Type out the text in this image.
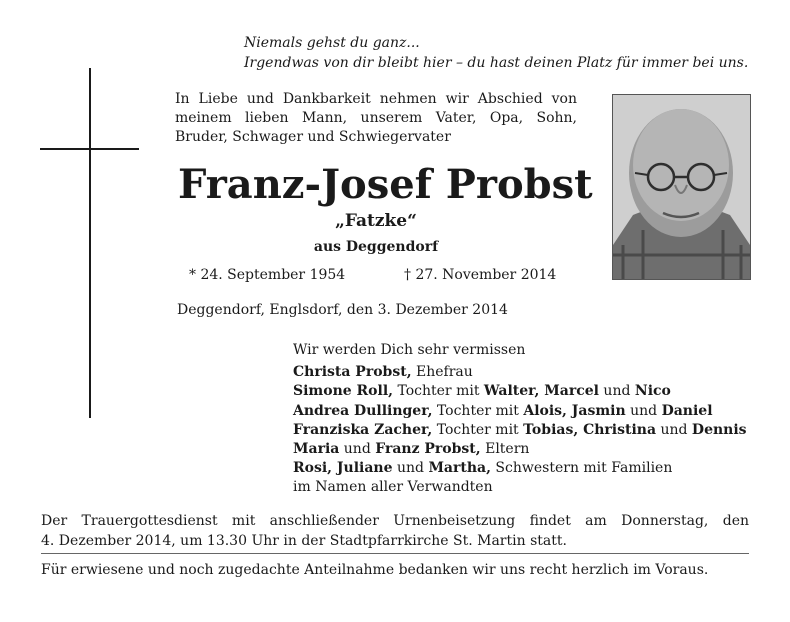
Niemals gehst du ganz...
Irgendwas von dir bleibt hier – du hast deinen Platz für immer bei uns.
In Liebe und Dankbarkeit nehmen wir Abschied von
meinem lieben Mann, unserem Vater, Opa, Sohn,
Bruder, Schwager und Schwiegervater
Franz-Josef Probst
„Fatzke“
aus Deggendorf
* 24. September 1954	† 27. November 2014
Deggendorf, Englsdorf, den 3. Dezember 2014
Wir werden Dich sehr vermissen
Christa Probst, Ehefrau
Simone Roll, Tochter mit Walter, Marcel und Nico
Andrea Dullinger, Tochter mit Alois, Jasmin und Daniel
Franziska Zacher, Tochter mit Tobias, Christina und Dennis
Maria und Franz Probst, Eltern
Rosi, Juliane und Martha, Schwestern mit Familien
im Namen aller Verwandten
Der Trauergottesdienst mit anschließender Urnenbeisetzung findet am Donnerstag, den
4. Dezember 2014, um 13.30 Uhr in der Stadtpfarrkirche St. Martin statt.
Für erwiesene und noch zugedachte Anteilnahme bedanken wir uns recht herzlich im Voraus.
